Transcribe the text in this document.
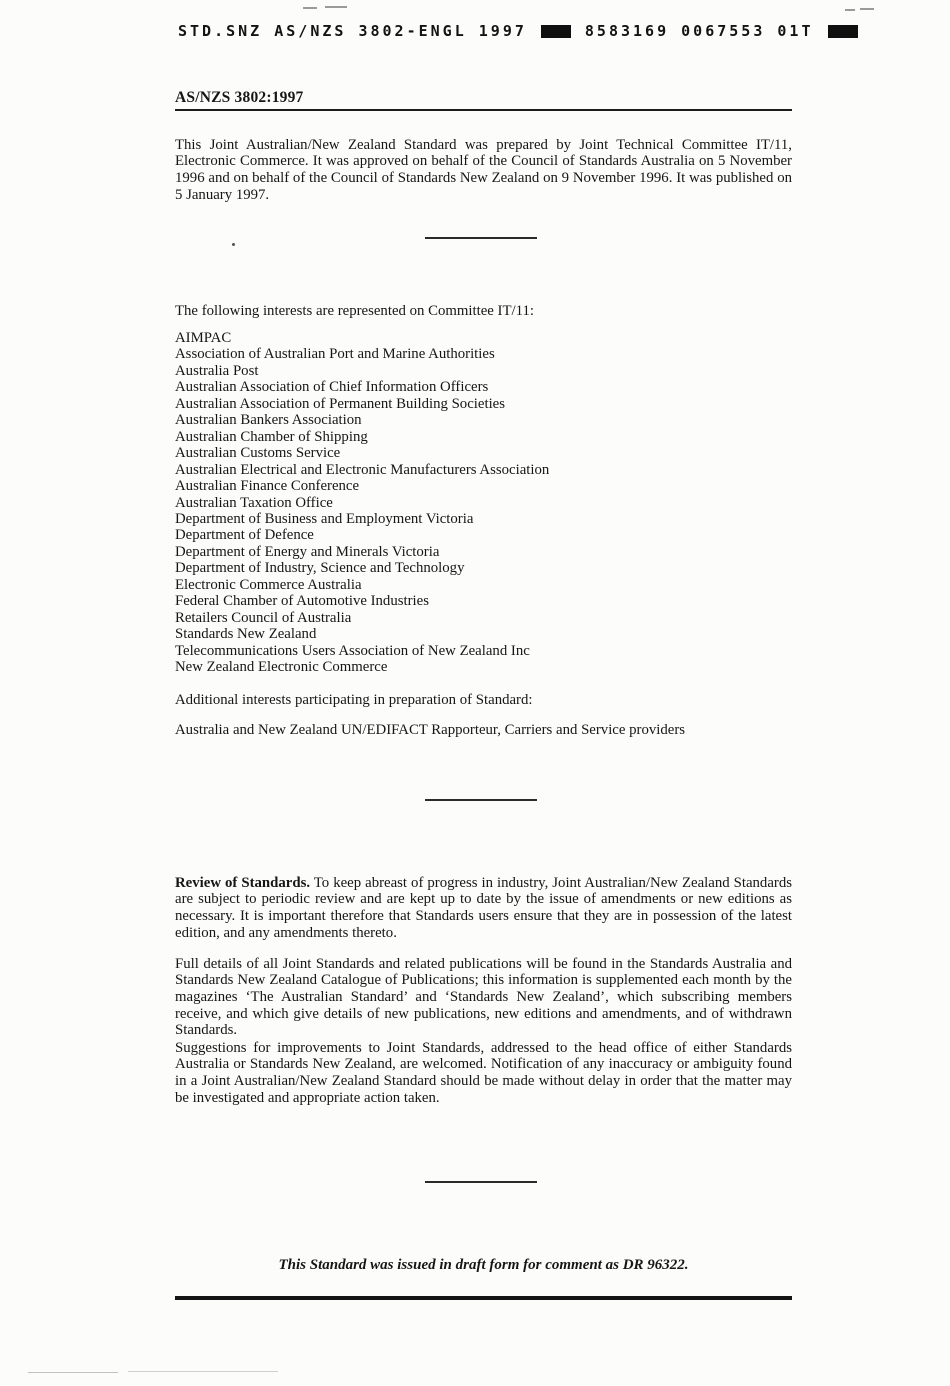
STD.SNZ AS/NZS 3802-ENGL 1997	8583169 0067553 01T
AS/NZS 3802:1997

This Joint Australian/New Zealand Standard was prepared by Joint Technical Committee IT/11, Electronic Commerce. It was approved on behalf of the Council of Standards Australia on 5 November 1996 and on behalf of the Council of Standards New Zealand on 9 November 1996. It was published on 5 January 1997.

The following interests are represented on Committee IT/11:
AIMPAC
Association of Australian Port and Marine Authorities
Australia Post
Australian Association of Chief Information Officers
Australian Association of Permanent Building Societies
Australian Bankers Association
Australian Chamber of Shipping
Australian Customs Service
Australian Electrical and Electronic Manufacturers Association
Australian Finance Conference
Australian Taxation Office
Department of Business and Employment Victoria
Department of Defence
Department of Energy and Minerals Victoria
Department of Industry, Science and Technology
Electronic Commerce Australia
Federal Chamber of Automotive Industries
Retailers Council of Australia
Standards New Zealand
Telecommunications Users Association of New Zealand Inc
New Zealand Electronic Commerce
Additional interests participating in preparation of Standard:
Australia and New Zealand UN/EDIFACT Rapporteur, Carriers and Service providers

Review of Standards. To keep abreast of progress in industry, Joint Australian/New Zealand Standards are subject to periodic review and are kept up to date by the issue of amendments or new editions as necessary. It is important therefore that Standards users ensure that they are in possession of the latest edition, and any amendments thereto.

Full details of all Joint Standards and related publications will be found in the Standards Australia and Standards New Zealand Catalogue of Publications; this information is supplemented each month by the magazines ‘The Australian Standard’ and ‘Standards New Zealand’, which subscribing members receive, and which give details of new publications, new editions and amendments, and of withdrawn Standards.

Suggestions for improvements to Joint Standards, addressed to the head office of either Standards Australia or Standards New Zealand, are welcomed. Notification of any inaccuracy or ambiguity found in a Joint Australian/New Zealand Standard should be made without delay in order that the matter may be investigated and appropriate action taken.

This Standard was issued in draft form for comment as DR 96322.
